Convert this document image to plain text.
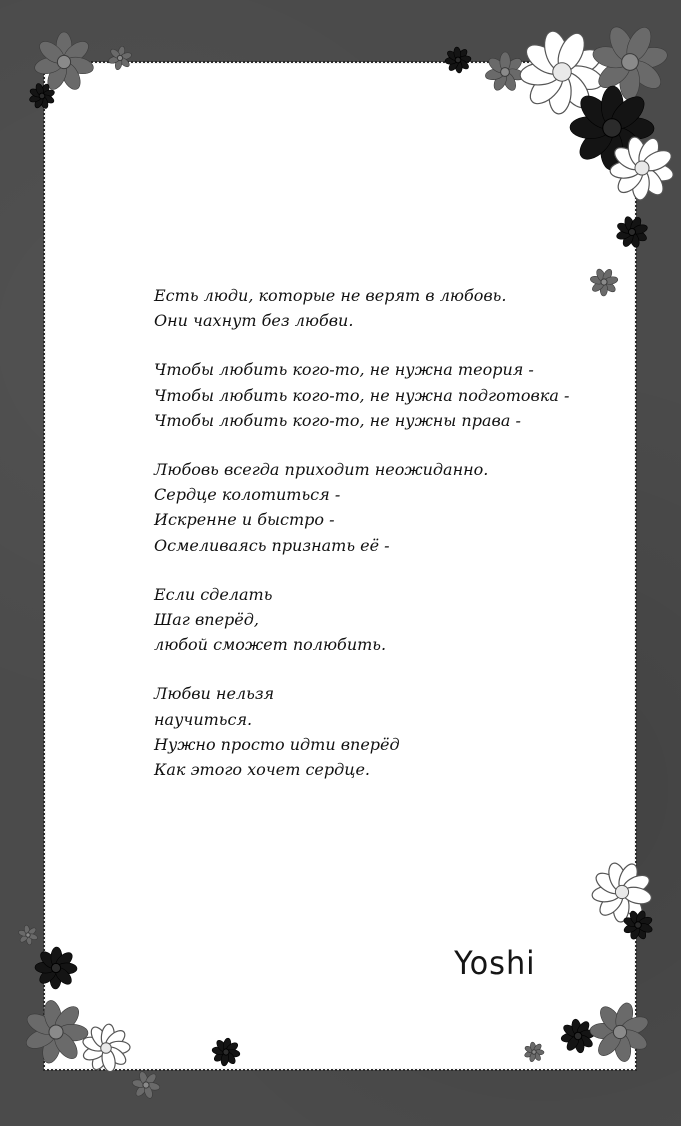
Есть люди, которые не верят в любовь.
Они чахнут без любви.
Чтобы любить кого-то, не нужна теория -
Чтобы любить кого-то, не нужна подготовка -
Чтобы любить кого-то, не нужны права -
Любовь всегда приходит неожиданно.
Сердце колотиться -
Искренне и быстро -
Осмеливаясь признать её -
Если сделать
Шаг вперёд,
любой сможет полюбить.
Любви нельзя
научиться.
Нужно просто идти вперёд
Как этого хочет сердце.
Yoshi
